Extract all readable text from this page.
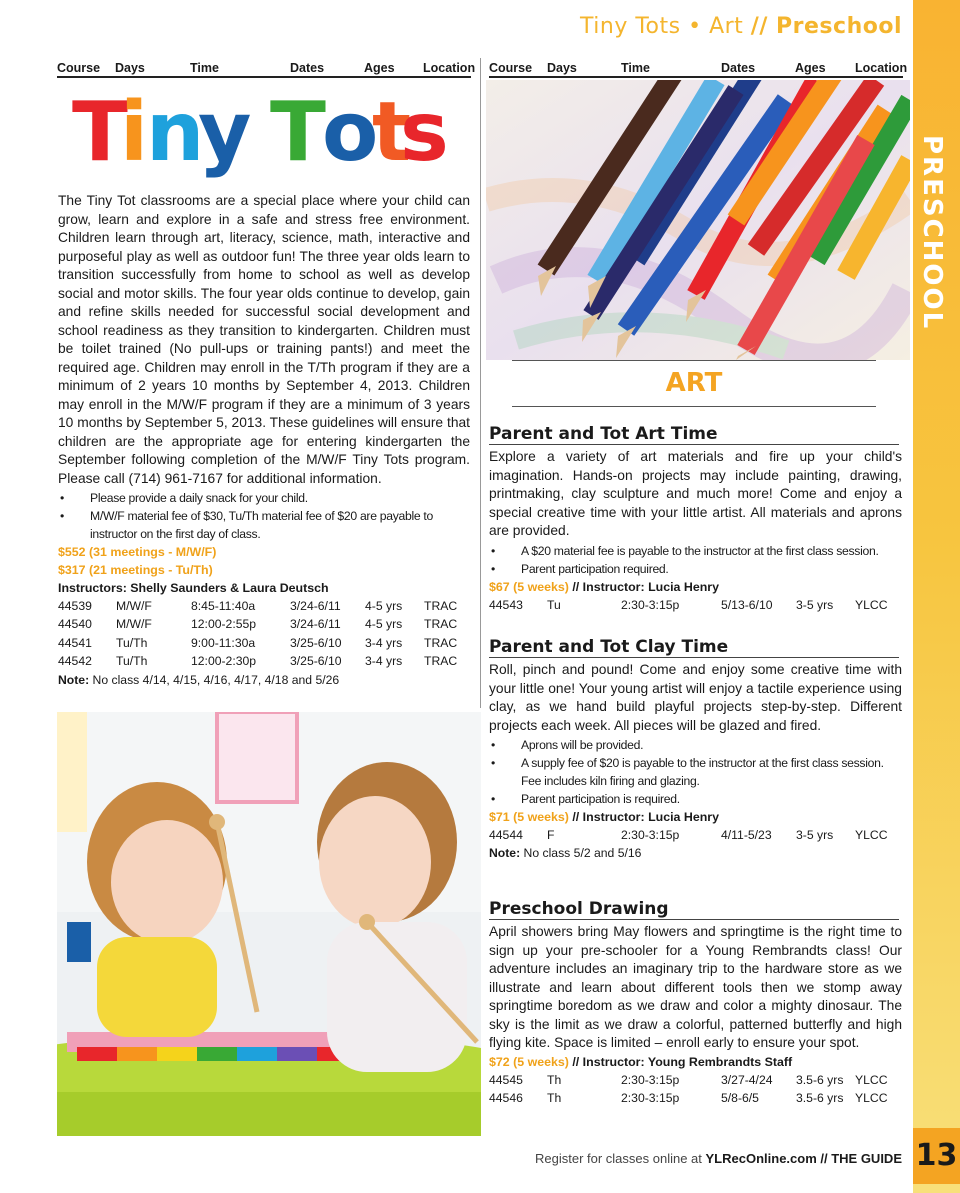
Tiny Tots • Art // Preschool
PRESCHOOL
13
Course Days	Time	Dates	Ages Location Course Days	Time	Dates	Ages Location
T
i
n
y T
o
t
s

The Tiny Tot classrooms are a special place where your child can grow, learn and explore in a safe and stress free environment. Children learn through art, literacy, science, math, interactive and purposeful play as well as outdoor fun! The three year olds learn to transition successfully from home to school as well as develop social and motor skills. The four year olds continue to develop, gain and refine skills needed for successful social development and school readiness as they transition to kindergarten. Children must be toilet trained (No pull-ups or training pants!) and meet the required age. Children may enroll in the T/Th program if they are a minimum of 2 years 10 months by September 4, 2013. Children may enroll in the M/W/F program if they are a minimum of 3 years 10 months by September 5, 2013. These guidelines will ensure that children are the appropriate age for entering kindergarten the September following completion of the M/W/F Tiny Tots program. Please call (714) 961-7167 for additional information.

• Please provide a daily snack for your child.
• M/W/F material fee of $30, Tu/Th material fee of $20 are payable to instructor on the first day of class.
$552 (31 meetings - M/W/F)
$317 (21 meetings - Tu/Th)
Instructors: Shelly Saunders & Laura Deutsch
44539 M/W/F	8:45-11:40a	3/24-6/11 4-5 yrs TRAC
44540 M/W/F	12:00-2:55p	3/24-6/11 4-5 yrs TRAC
44541 Tu/Th	9:00-11:30a	3/25-6/10 3-4 yrs TRAC
44542 Tu/Th	12:00-2:30p	3/25-6/10 3-4 yrs TRAC
Note: No class 4/14, 4/15, 4/16, 4/17, 4/18 and 5/26
ART
Parent and Tot Art Time

Explore a variety of art materials and fire up your child's imagination. Hands-on projects may include painting, drawing, printmaking, clay sculpture and much more! Come and enjoy a special creative time with your little artist. All materials and aprons are provided.

• A $20 material fee is payable to the instructor at the first class session.
• Parent participation required.
$67 (5 weeks) // Instructor: Lucia Henry
44543 Tu	2:30-3:15p	5/13-6/10 3-5 yrs YLCC
Parent and Tot Clay Time

Roll, pinch and pound! Come and enjoy some creative time with your little one! Your young artist will enjoy a tactile experience using clay, as we hand build playful projects step-by-step. Different projects each week. All pieces will be glazed and fired.

• Aprons will be provided.
• A supply fee of $20 is payable to the instructor at the first class session. Fee includes kiln firing and glazing.
• Parent participation is required.
$71 (5 weeks) // Instructor: Lucia Henry
44544 F	2:30-3:15p	4/11-5/23 3-5 yrs YLCC
Note: No class 5/2 and 5/16
Preschool Drawing

April showers bring May flowers and springtime is the right time to sign up your pre-schooler for a Young Rembrandts class! Our adventure includes an imaginary trip to the hardware store as we illustrate and learn about different tools then we stomp away springtime boredom as we draw and color a mighty dinosaur. The sky is the limit as we draw a colorful, patterned butterfly and high flying kite. Space is limited – enroll early to ensure your spot.

$72 (5 weeks) // Instructor: Young Rembrandts Staff
44545 Th	2:30-3:15p	3/27-4/24 3.5-6 yrs YLCC
44546 Th	2:30-3:15p	5/8-6/5	3.5-6 yrs YLCC
Register for classes online at YLRecOnline.com // THE GUIDE
